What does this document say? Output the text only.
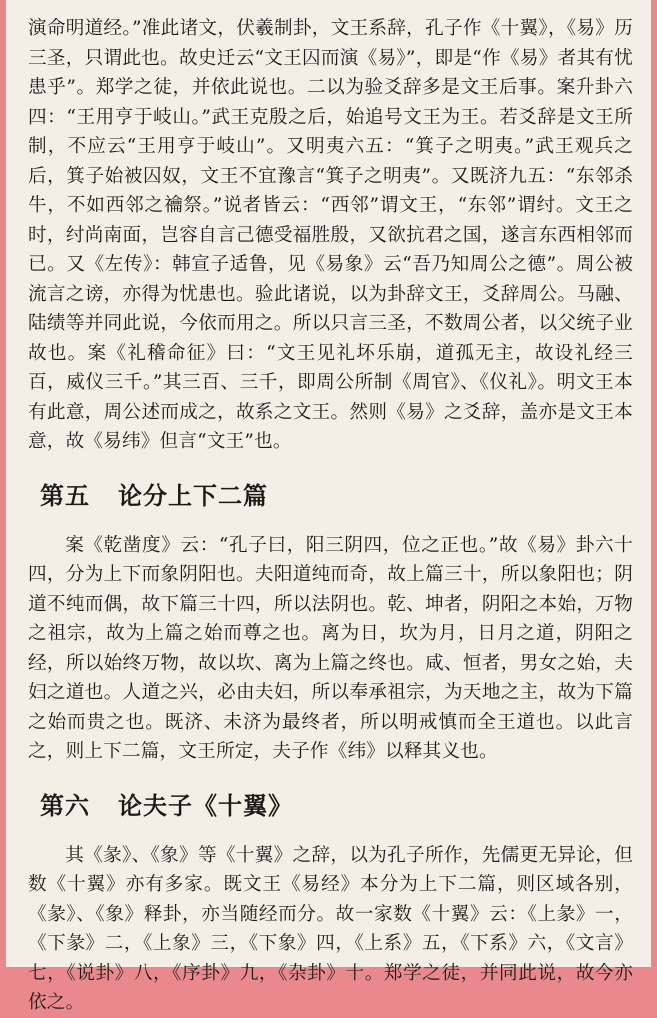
演命明道经。”准此诸文，伏羲制卦，文王系辞，孔子作《十翼》，《易》历三圣，只谓此也。故史迁云“文王囚而演《易》”，即是“作《易》者其有忧患乎”。郑学之徒，并依此说也。二以为验爻辞多是文王后事。案升卦六四：“王用亨于岐山。”武王克殷之后，始追号文王为王。若爻辞是文王所制，不应云“王用亨于岐山”。又明夷六五：“箕子之明夷。”武王观兵之后，箕子始被囚奴，文王不宜豫言“箕子之明夷”。又既济九五：“东邻杀牛，不如西邻之禴祭。”说者皆云：“西邻”谓文王，“东邻”谓纣。文王之时，纣尚南面，岂容自言己德受福胜殷，又欲抗君之国，遂言东西相邻而已。又《左传》：韩宣子适鲁，见《易象》云“吾乃知周公之德”。周公被流言之谤，亦得为忧患也。验此诸说，以为卦辞文王，爻辞周公。马融、陆绩等并同此说，今依而用之。所以只言三圣，不数周公者，以父统子业故也。案《礼稽命征》曰：“文王见礼坏乐崩，道孤无主，故设礼经三百，威仪三千。”其三百、三千，即周公所制《周官》、《仪礼》。明文王本有此意，周公述而成之，故系之文王。然则《易》之爻辞，盖亦是文王本意，故《易纬》但言“文王”也。

第五 论分上下二篇

案《乾凿度》云：“孔子曰，阳三阴四，位之正也。”故《易》卦六十四，分为上下而象阴阳也。夫阳道纯而奇，故上篇三十，所以象阳也；阴道不纯而偶，故下篇三十四，所以法阴也。乾、坤者，阴阳之本始，万物之祖宗，故为上篇之始而尊之也。离为日，坎为月，日月之道，阴阳之经，所以始终万物，故以坎、离为上篇之终也。咸、恒者，男女之始，夫妇之道也。人道之兴，必由夫妇，所以奉承祖宗，为天地之主，故为下篇之始而贵之也。既济、未济为最终者，所以明戒慎而全王道也。以此言之，则上下二篇，文王所定，夫子作《纬》以释其义也。

第六 论夫子《十翼》

其《彖》、《象》等《十翼》之辞，以为孔子所作，先儒更无异论，但数《十翼》亦有多家。既文王《易经》本分为上下二篇，则区域各别，《彖》、《象》释卦，亦当随经而分。故一家数《十翼》云：《上彖》一，《下彖》二，《上象》三，《下象》四，《上系》五，《下系》六，《文言》七，《说卦》八，《序卦》九，《杂卦》十。郑学之徒，并同此说，故今亦依之。
